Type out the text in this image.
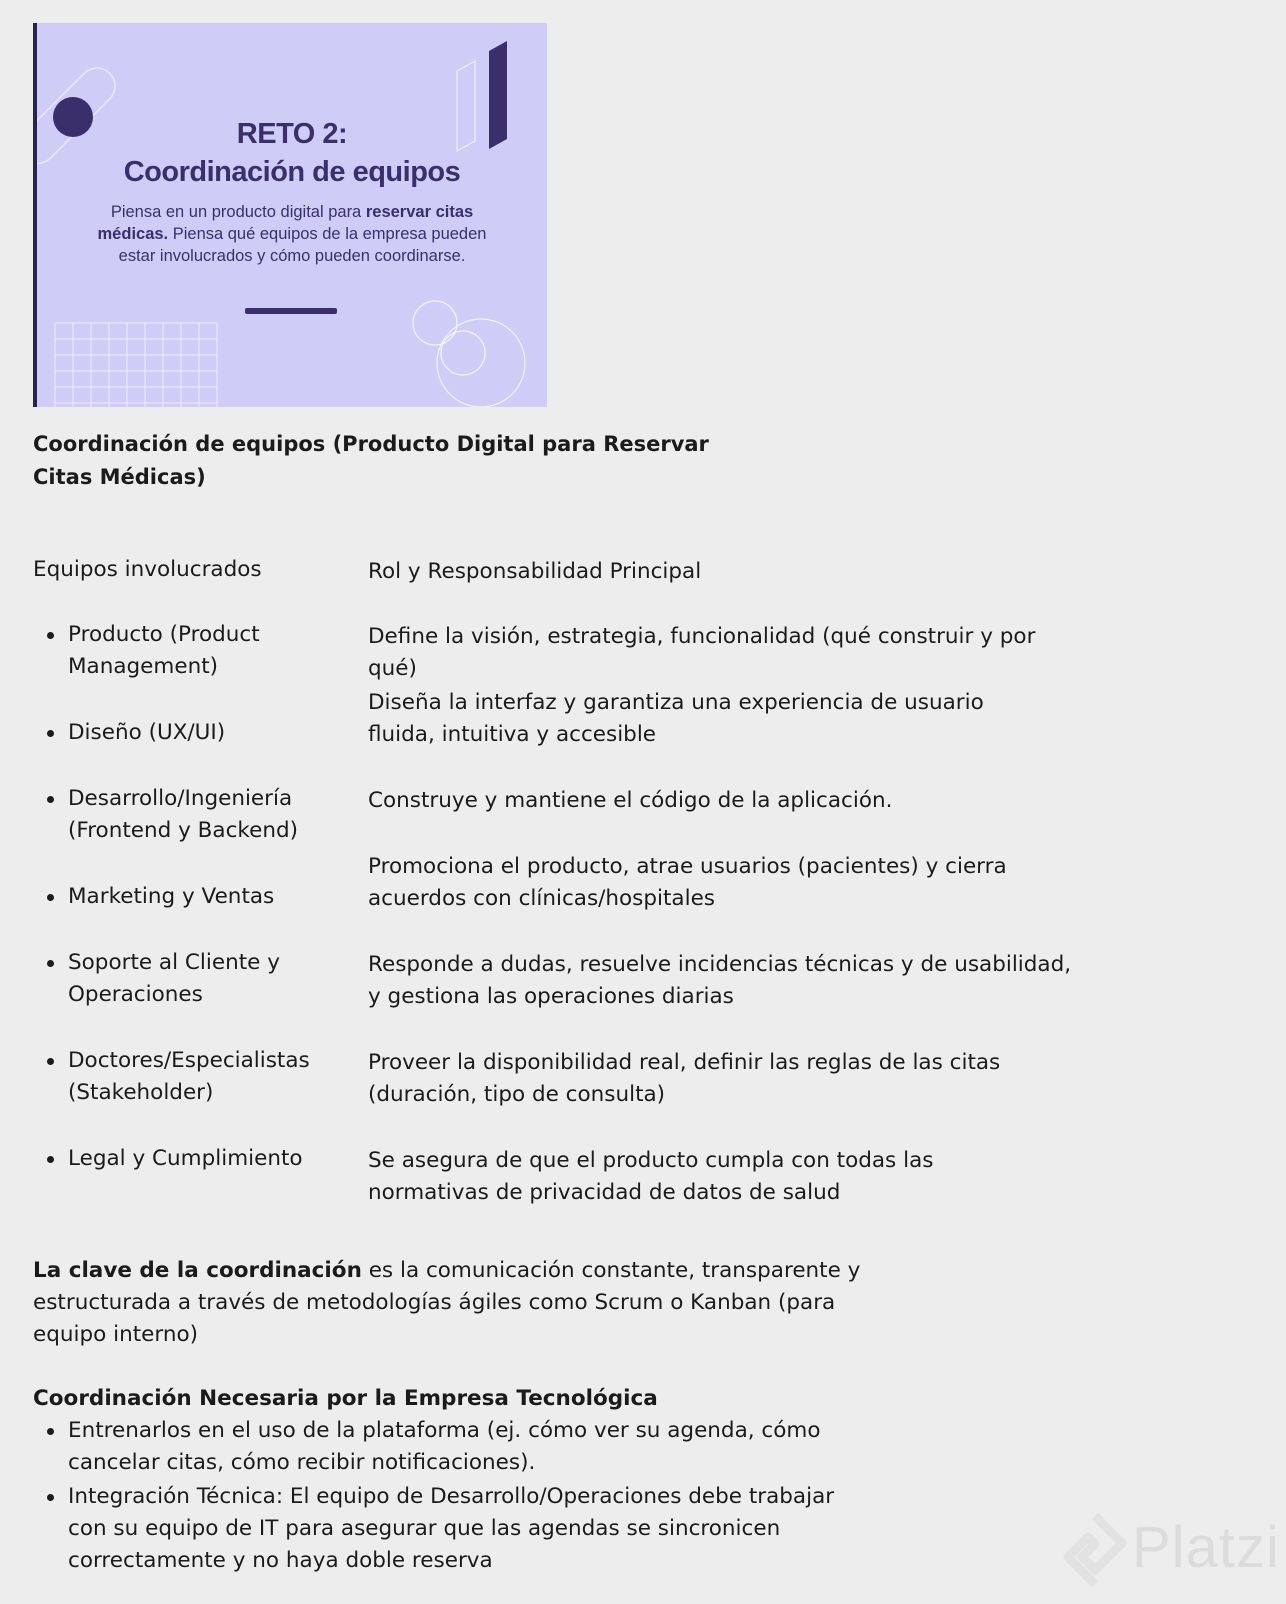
RETO 2:
Coordinación de equipos
Piensa en un producto digital para reservar citas médicas. Piensa qué equipos de la empresa pueden estar involucrados y cómo pueden coordinarse.
Coordinación de equipos (Producto Digital para Reservar Citas Médicas)
Equipos involucrados	Rol y Responsabilidad Principal
Producto (Product Management)
Diseño (UX/UI)
Desarrollo/Ingeniería (Frontend y Backend)
Marketing y Ventas
Soporte al Cliente y Operaciones
Doctores/Especialistas (Stakeholder)
Legal y Cumplimiento
Define la visión, estrategia, funcionalidad (qué construir y por qué)
Diseña la interfaz y garantiza una experiencia de usuario fluida, intuitiva y accesible
Construye y mantiene el código de la aplicación.
Promociona el producto, atrae usuarios (pacientes) y cierra acuerdos con clínicas/hospitales
Responde a dudas, resuelve incidencias técnicas y de usabilidad, y gestiona las operaciones diarias
Proveer la disponibilidad real, definir las reglas de las citas (duración, tipo de consulta)
Se asegura de que el producto cumpla con todas las normativas de privacidad de datos de salud
La clave de la coordinación es la comunicación constante, transparente y estructurada a través de metodologías ágiles como Scrum o Kanban (para equipo interno)
Coordinación Necesaria por la Empresa Tecnológica
Entrenarlos en el uso de la plataforma (ej. cómo ver su agenda, cómo cancelar citas, cómo recibir notificaciones).
Integración Técnica: El equipo de Desarrollo/Operaciones debe trabajar con su equipo de IT para asegurar que las agendas se sincronicen correctamente y no haya doble reserva	Platzi
